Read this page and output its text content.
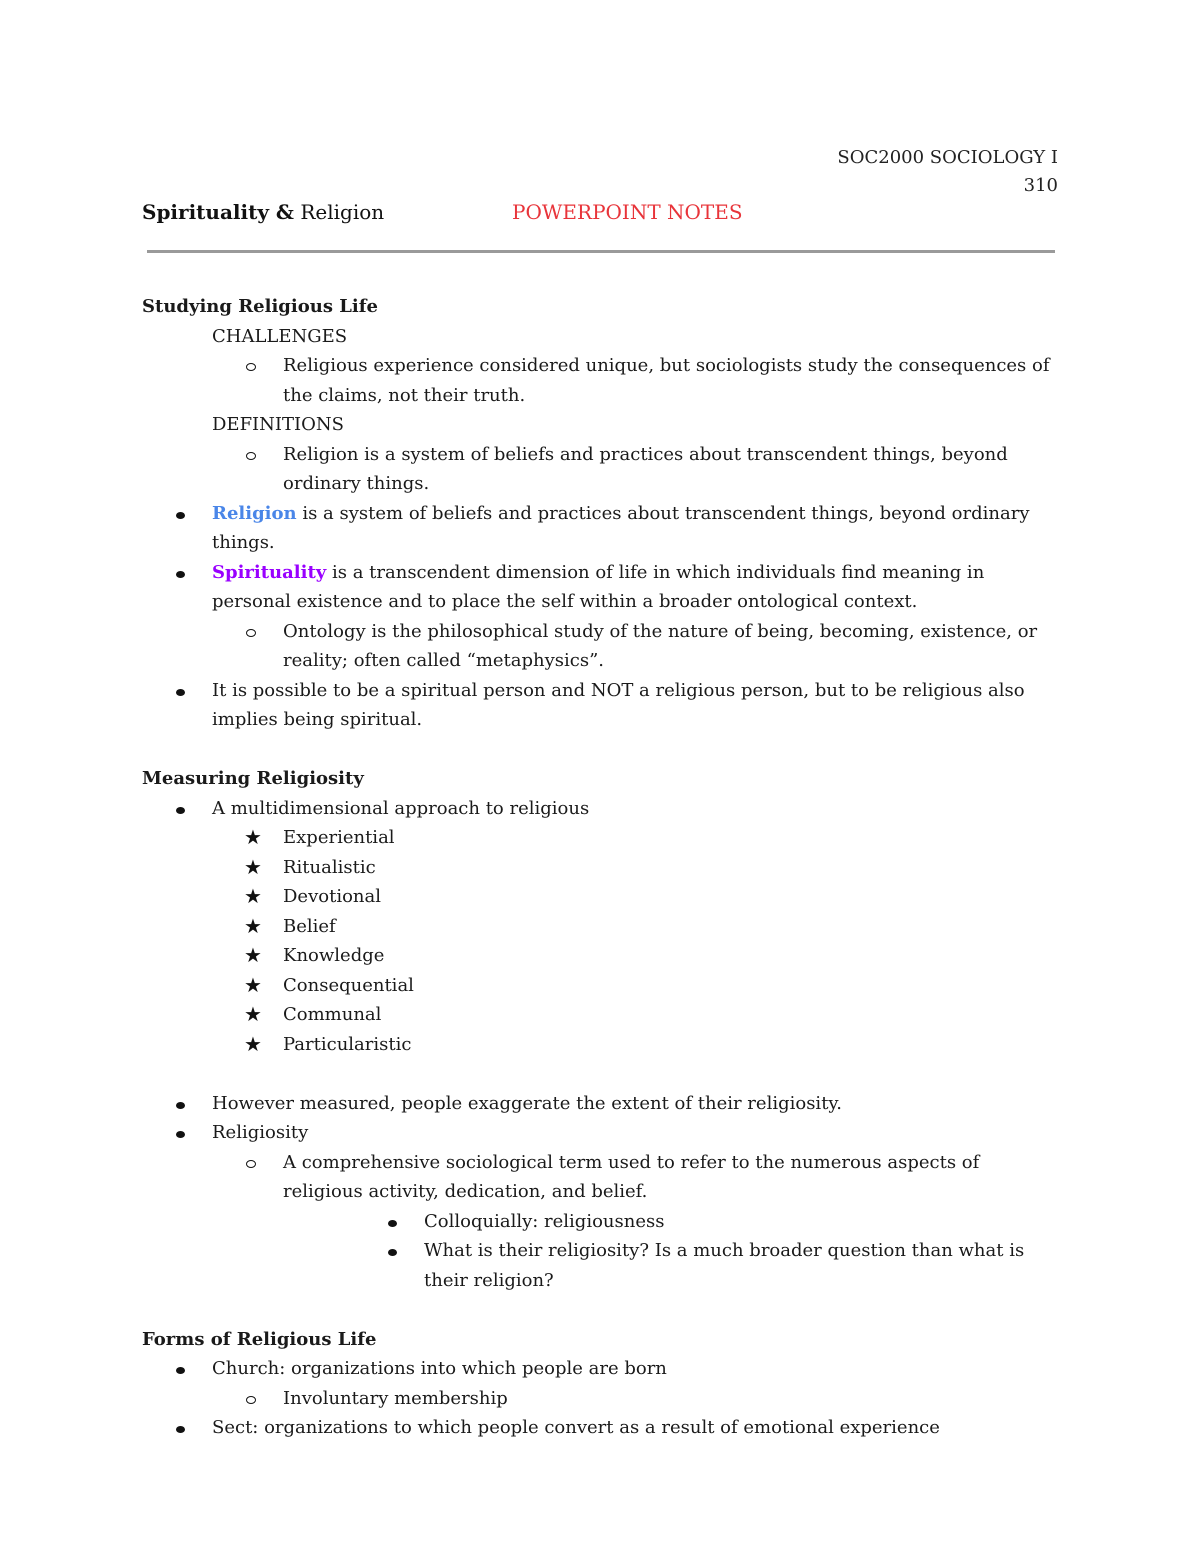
SOC2000 SOCIOLOGY I
310
Spirituality & Religion	POWERPOINT NOTES
Studying Religious Life
CHALLENGES
Religious experience considered unique, but sociologists study the consequences of the claims, not their truth.
DEFINITIONS
Religion is a system of beliefs and practices about transcendent things, beyond ordinary things.
Religion is a system of beliefs and practices about transcendent things, beyond ordinary things.
Spirituality is a transcendent dimension of life in which individuals find meaning in personal existence and to place the self within a broader ontological context.
Ontology is the philosophical study of the nature of being, becoming, existence, or reality; often called “metaphysics”.
It is possible to be a spiritual person and NOT a religious person, but to be religious also implies being spiritual.
Measuring Religiosity
A multidimensional approach to religious
★ Experiential
★ Ritualistic
★ Devotional
★ Belief
★ Knowledge
★ Consequential
★ Communal
★ Particularistic
However measured, people exaggerate the extent of their religiosity.
Religiosity
A comprehensive sociological term used to refer to the numerous aspects of religious activity, dedication, and belief.
Colloquially: religiousness
What is their religiosity? Is a much broader question than what is their religion?
Forms of Religious Life
Church: organizations into which people are born
Involuntary membership
Sect: organizations to which people convert as a result of emotional experience
